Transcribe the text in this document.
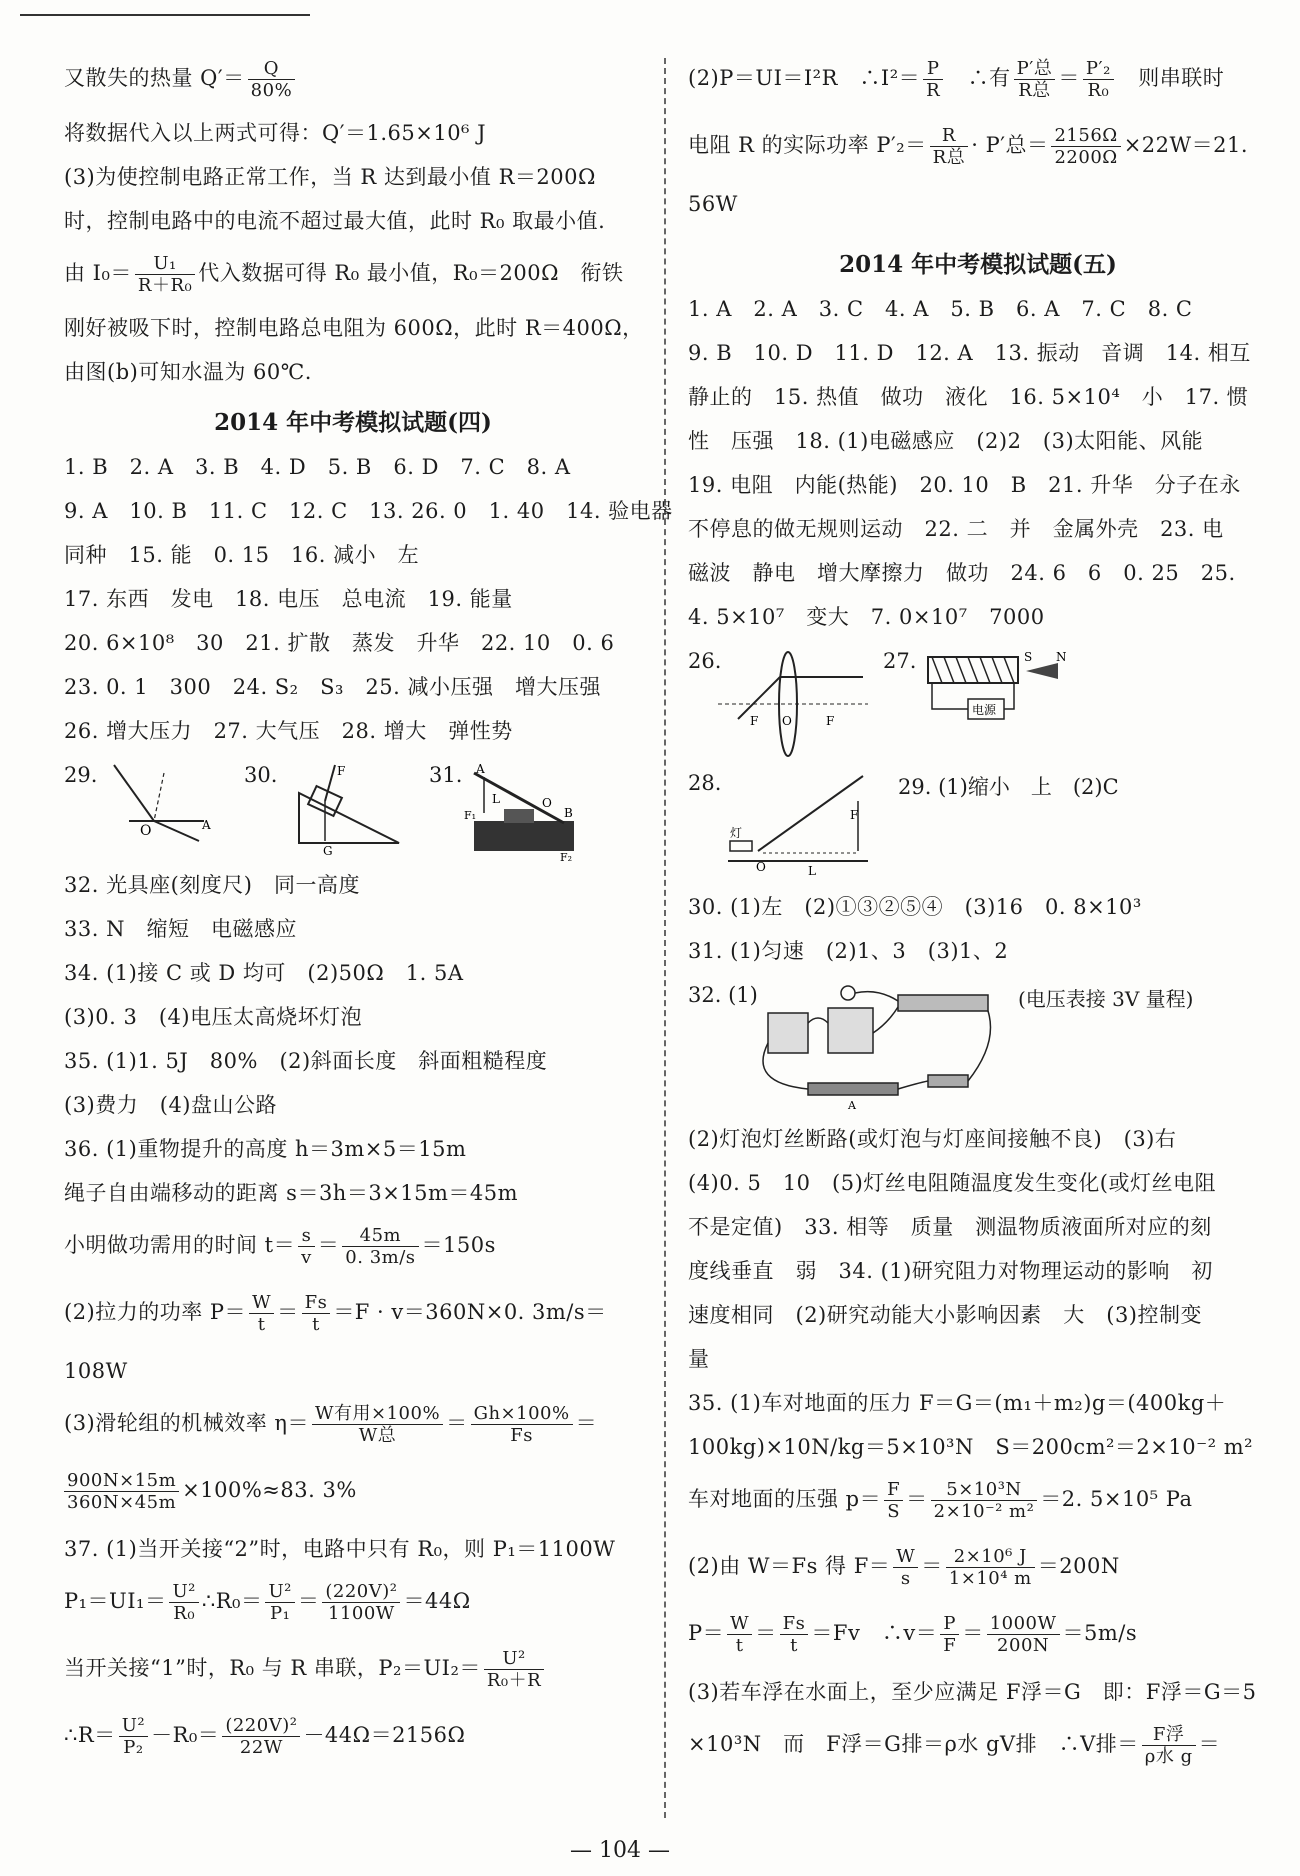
又散失的热量 $Q'= \frac{Q}{80\%}$
将数据代入以上两式可得：Q′＝1.65×10⁶ J
(3)为使控制电路正常工作，当 R 达到最小值 R＝200Ω
时，控制电路中的电流不超过最大值，此时 R₀ 取最小值.
由 $I_0= \frac{\text{U₁}}{\text{R＋R₀}}$ 代入数据可得 R₀ 最小值，R₀＝200Ω　衔铁
刚好被吸下时，控制电路总电阻为 600Ω，此时 R＝400Ω，
由图(b)可知水温为 60℃.
2014 年中考模拟试题(四)
1. B　2. A　3. B　4. D　5. B　6. D　7. C　8. A
9. A　10. B　11. C　12. C　13. 26. 0　1. 40　14. 验电器
同种　15. 能　0. 15　16. 减小　左
17. 东西　发电　18. 电压　总电流　19. 能量
20. 6×10⁸　30　21. 扩散　蒸发　升华　22. 10　0. 6
23. 0. 1　300　24. S₂　S₃　25. 减小压强　增大压强
26. 增大压力　27. 大气压　28. 增大　弹性势
29.
O	A
30.	F
G
31. A
O
B
L
F₁
F₂
32. 光具座(刻度尺)　同一高度
33. N　缩短　电磁感应
34. (1)接 C 或 D 均可　(2)50Ω　1. 5A
(3)0. 3　(4)电压太高烧坏灯泡
35. (1)1. 5J　80%　(2)斜面长度　斜面粗糙程度
(3)费力　(4)盘山公路
36. (1)重物提升的高度 h＝3m×5＝15m
绳子自由端移动的距离 s＝3h＝3×15m＝45m
小明做功需用的时间 $t= \frac{s}{v} = \frac{45m}{0. 3m/s} =150s$
(2)拉力的功率 $P= \frac{W}{t} = \frac{Fs}{t} =F \cdot v=360N\times 0$. 3m/s＝
108W
(3)滑轮组的机械效率 $\eta= \frac{\text{W有用×100\%}}{\text{W总}} = \frac{Gh\times 100\%}{Fs}$ ＝
$\frac{900N\times 15m}{360N\times 45m} \times 100\%\approx 83$. 3%
37. (1)当开关接“2”时，电路中只有 R₀，则 P₁＝1100W
$P_1=UI_1= \frac{\text{U²}}{\text{R₀}}$ ∴R₀＝ $\frac{\text{U²}}{\text{P₁}} = \frac{\text{(220V)²}}{1100W} =44\Omega$
当开关接“1”时，R₀ 与 R 串联，$P_2=UI_2= \frac{\text{U²}}{\text{R₀＋R}}$
∴R＝ $\frac{\text{U²}}{\text{P₂}} -R_0= \frac{\text{(220V)²}}{22W} -44\Omega=2156\Omega$
(2)P＝UI＝I²R　∴I²＝ $\frac{P}{R}$ 　∴有 $\frac{\text{P′总}}{\text{R总}} = \frac{\text{P′₂}}{\text{R₀}}$ 　则串联时
电阻 R 的实际功率 $P'_2= \frac{R}{\text{R总}} \cdot P'$总＝ $\frac{2156\Omega}{2200\Omega} \times 22W=21$.
56W
2014 年中考模拟试题(五)
1. A　2. A　3. C　4. A　5. B　6. A　7. C　8. C
9. B　10. D　11. D　12. A　13. 振动　音调　14. 相互
静止的　15. 热值　做功　液化　16. 5×10⁴　小　17. 惯
性　压强　18. (1)电磁感应　(2)2　(3)太阳能、风能
19. 电阻　内能(热能)　20. 10　B　21. 升华　分子在永
不停息的做无规则运动　22. 二　并　金属外壳　23. 电
磁波　静电　增大摩擦力　做功　24. 6　6　0. 25　25.
4. 5×10⁷　变大　7. 0×10⁷　7000
26.
F O	F
27.
电源
S N
28.
灯
O
F
L
29. (1)缩小　上　(2)C
30. (1)左　(2)①③②⑤④　(3)16　0. 8×10³
31. (1)匀速　(2)1、3　(3)1、2
32. (1)
A
(电压表接 3V 量程)
(2)灯泡灯丝断路(或灯泡与灯座间接触不良)　(3)右
(4)0. 5　10　(5)灯丝电阻随温度发生变化(或灯丝电阻
不是定值)　33. 相等　质量　测温物质液面所对应的刻
度线垂直　弱　34. (1)研究阻力对物理运动的影响　初
速度相同　(2)研究动能大小影响因素　大　(3)控制变
量
35. (1)车对地面的压力 F＝G＝(m₁＋m₂)g＝(400kg＋
100kg)×10N/kg＝5×10³N　S＝200cm²＝2×10⁻² m²
车对地面的压强 $p= \frac{F}{S} = \frac{\text{5×10³N}}{\text{2×10⁻² m²}} =2$. 5×10⁵ Pa
(2)由 W＝Fs 得 $F= \frac{W}{s} = \frac{\text{2×10⁶ J}}{\text{1×10⁴ m}} =200N$
$P= \frac{W}{t} = \frac{Fs}{t} =Fv$　∴v＝ $\frac{P}{F} = \frac{1000W}{200N} =5m/s$
(3)若车浮在水面上，至少应满足 F浮＝G　即：F浮＝G＝5
×10³N　而　F浮＝G排＝ρ水 gV排　∴V排＝ $\frac{\text{F浮}}{\text{ρ水 g}}$ ＝
— 104 —
